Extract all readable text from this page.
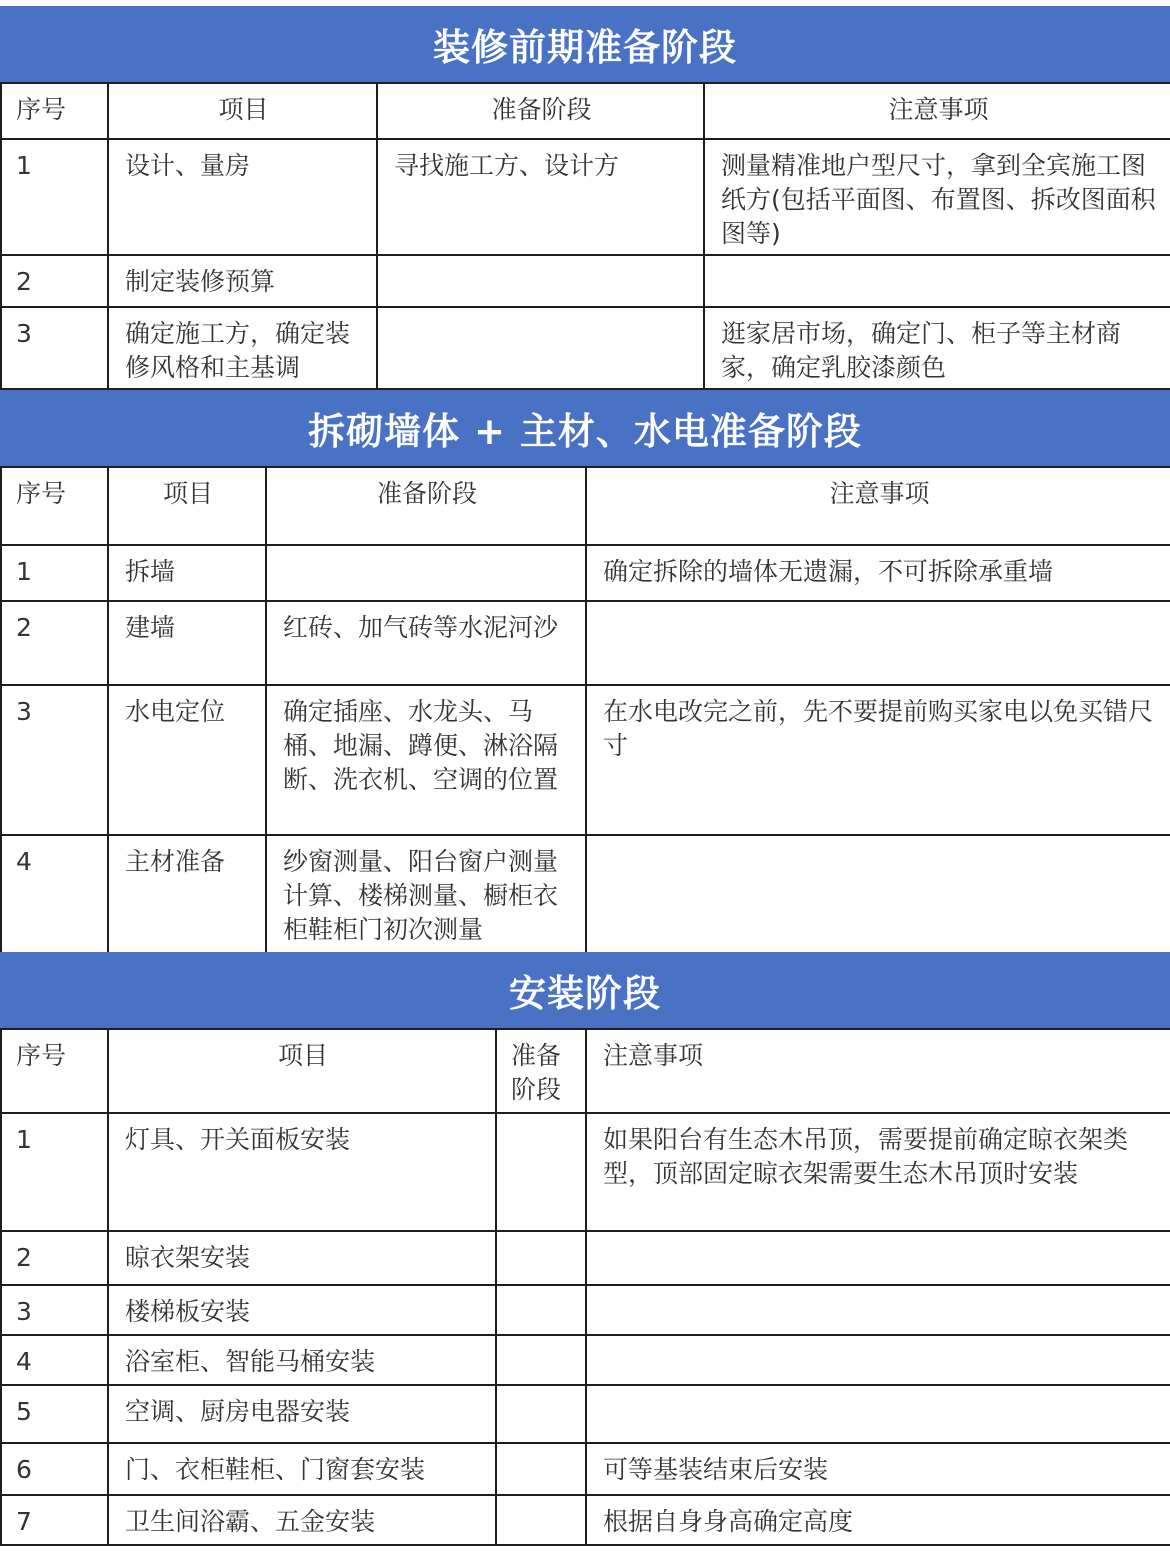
装修前期准备阶段
序号	项目	准备阶段	注意事项

1	设计、量房	寻找施工方、设计方	测量精准地户型尺寸，拿到全宾施工图纸方(包括平面图、布置图、拆改图面积图等)

2	制定装修预算		

3	确定施工方，确定装修风格和主基调		逛家居市场，确定门、柜子等主材商家，确定乳胶漆颜色
拆砌墙体 + 主材、水电准备阶段
序号	项目	准备阶段	注意事项

1	拆墙		确定拆除的墙体无遗漏，不可拆除承重墙

2	建墙	红砖、加气砖等水泥河沙	

3	水电定位	确定插座、水龙头、马桶、地漏、蹲便、淋浴隔断、洗衣机、空调的位置	在水电改完之前，先不要提前购买家电以免买错尺寸

4	主材准备	纱窗测量、阳台窗户测量计算、楼梯测量、橱柜衣柜鞋柜门初次测量	

安装阶段
序号	项目	准备阶段	注意事项

1	灯具、开关面板安装		如果阳台有生态木吊顶，需要提前确定晾衣架类型，顶部固定晾衣架需要生态木吊顶时安装

2	晾衣架安装		

3	楼梯板安装		

4	浴室柜、智能马桶安装		

5	空调、厨房电器安装		

6	门、衣柜鞋柜、门窗套安装		可等基装结束后安装

7	卫生间浴霸、五金安装		根据自身身高确定高度
